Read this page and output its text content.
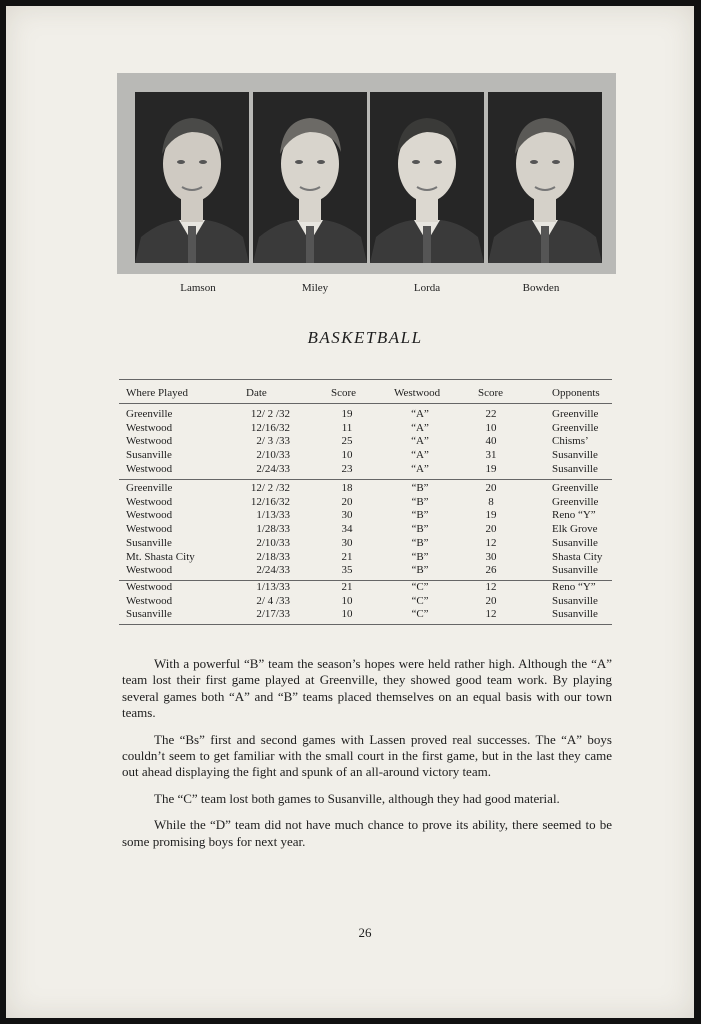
Lamson	Miley	Lorda	Bowden
BASKETBALL
Where Played	Date	Score	Westwood	Score	Opponents
Greenville	12/ 2 /32	19	“A”	22	Greenville
Westwood	12/16/32	11	“A”	10	Greenville
Westwood	2/ 3 /33	25	“A”	40	Chisms’
Susanville	2/10/33	10	“A”	31	Susanville
Westwood	2/24/33	23	“A”	19	Susanville
Greenville	12/ 2 /32	18	“B”	20	Greenville
Westwood	12/16/32	20	“B”	8	Greenville
Westwood	1/13/33	30	“B”	19	Reno “Y”
Westwood	1/28/33	34	“B”	20	Elk Grove
Susanville	2/10/33	30	“B”	12	Susanville
Mt. Shasta City	2/18/33	21	“B”	30	Shasta City
Westwood	2/24/33	35	“B”	26	Susanville
Westwood	1/13/33	21	“C”	12	Reno “Y”
Westwood	2/ 4 /33	10	“C”	20	Susanville
Susanville	2/17/33	10	“C”	12	Susanville

With a powerful “B” team the season’s hopes were held rather high. Although the “A” team lost their first game played at Greenville, they showed good team work. By playing several games both “A” and “B” teams placed themselves on an equal basis with our town teams.

The “Bs” first and second games with Lassen proved real successes. The “A” boys couldn’t seem to get familiar with the small court in the first game, but in the last they came out ahead displaying the fight and spunk of an all-around victory team.

The “C” team lost both games to Susanville, although they had good material.

While the “D” team did not have much chance to prove its ability, there seemed to be some promising boys for next year.

26
